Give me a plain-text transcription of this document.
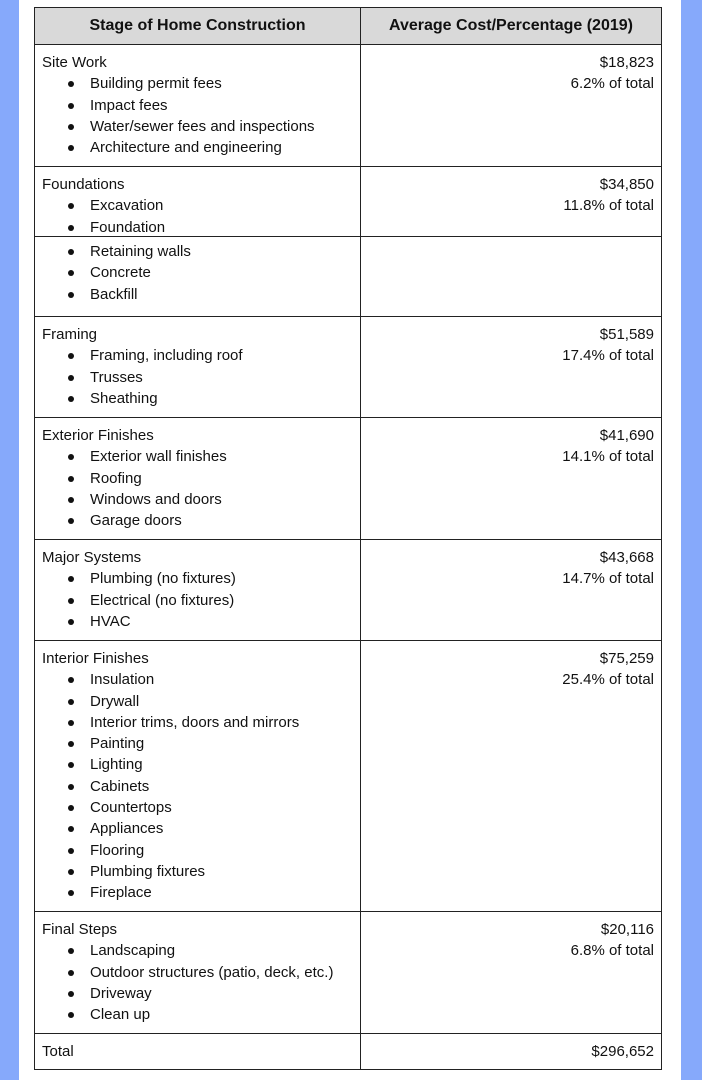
Stage of Home Construction	Average Cost/Percentage (2019)
Site Work
Building permit fees
Impact fees
Water/sewer fees and inspections
Architecture and engineering
$18,823
6.2% of total
Foundations
Excavation
Foundation
$34,850
11.8% of total
Retaining walls
Concrete
Backfill
Framing
Framing, including roof
Trusses
Sheathing
$51,589
17.4% of total
Exterior Finishes
Exterior wall finishes
Roofing
Windows and doors
Garage doors
$41,690
14.1% of total
Major Systems
Plumbing (no fixtures)
Electrical (no fixtures)
HVAC
$43,668
14.7% of total
Interior Finishes
Insulation
Drywall
Interior trims, doors and mirrors
Painting
Lighting
Cabinets
Countertops
Appliances
Flooring
Plumbing fixtures
Fireplace
$75,259
25.4% of total
Final Steps
Landscaping
Outdoor structures (patio, deck, etc.)
Driveway
Clean up
$20,116
6.8% of total
Total	$296,652
